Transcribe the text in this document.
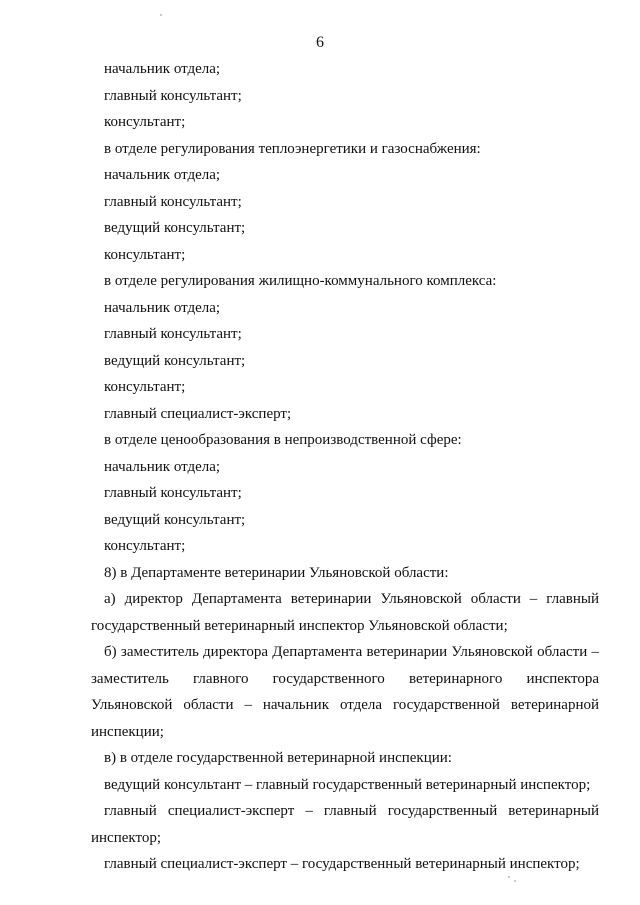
6

начальник отдела;

главный консультант;

консультант;

в отделе регулирования теплоэнергетики и газоснабжения:

начальник отдела;

главный консультант;

ведущий консультант;

консультант;

в отделе регулирования жилищно-коммунального комплекса:

начальник отдела;

главный консультант;

ведущий консультант;

консультант;

главный специалист-эксперт;

в отделе ценообразования в непроизводственной сфере:

начальник отдела;

главный консультант;

ведущий консультант;

консультант;

8) в Департаменте ветеринарии Ульяновской области:

а) директор Департамента ветеринарии Ульяновской области – главный государственный ветеринарный инспектор Ульяновской области;

б) заместитель директора Департамента ветеринарии Ульяновской области – заместитель главного государственного ветеринарного инспектора Ульяновской области – начальник отдела государственной ветеринарной инспекции;

в) в отделе государственной ветеринарной инспекции:

ведущий консультант – главный государственный ветеринарный инспектор;

главный специалист-эксперт – главный государственный ветеринарный инспектор;

главный специалист-эксперт – государственный ветеринарный инспектор;
